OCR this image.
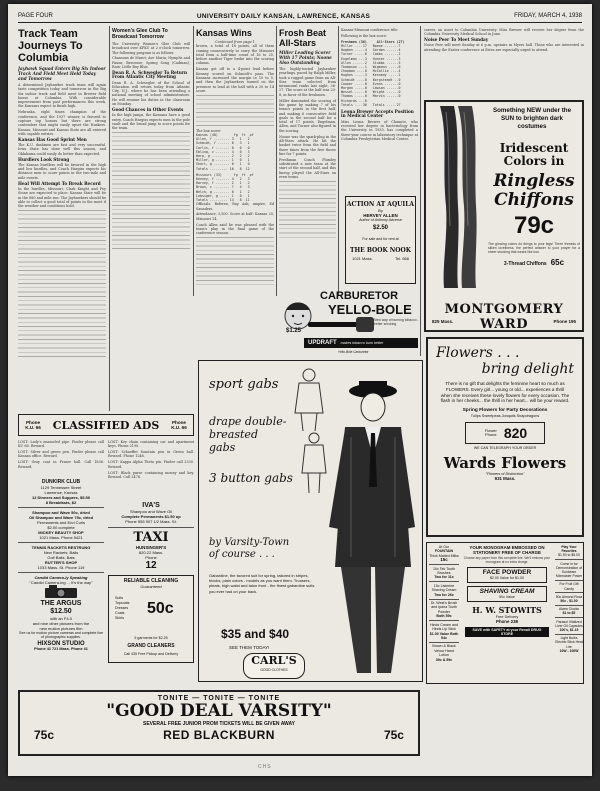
PAGE FOUR	UNIVERSITY DAILY KANSAN, LAWRENCE, KANSAS	FRIDAY, MARCH 4, 1938
Track Team Journeys To Columbia
Jayhawk Squad Enters Big Six Indoor Track And Field Meet Held Today and Tomorrow

A determined Jayhawker track team will again taste competition today and tomorrow in the Big Six indoor track and field meet in Brewer field house at Columbia. With considerable improvement from past performances this week, the Kansans expect to finish high.

Nebraska, eight times champion of the conference, and the 1937 winner, is favored to capture top honors but there are strong contenders that might easily upset the Huskers. Kansas, Missouri and Kansas State are all entered with capable entries.

Kansas Has Good Sprint Men

The K.U. dashmen are fast and very successful. Iowa State has done well this season, and Oklahoma could easily do better than expected.

Hurdlers Look Strong

The Kansas hurdlers will be favored in the high and low hurdles, and Coach Hargiss expects his distance men to score points in the two-mile and mile events.

Heal Will Attempt To Break Record

In the hurdles, Missouri, Clark Knight and Foy Stone are expected to place. Kansas State will be in the 880 and mile run. The Jayhawkers should be able to collect a good total of points in the meet if the weather and conditions hold.

Women's Glee Club To Broadcast Tomorrow

The University Women's Glee Club will broadcast over KFKU at 2 o'clock tomorrow. The following program is as follows:

Chansons de Marot; Ave Maria; Nymphs and Fauns; Berceuse; Spring Song (Cadman); Rain; Little Boy Blue.

Dean R. A. Schwegler To Return From Atlantic City Meeting

Dean R. A. Schwegler of the School of Education will return today from Atlantic City, N.J., where he has been attending a national meeting of school administrators. He will resume his duties in the classroom on Monday.

Good Chances in Other Events

In the high jumps, the Kansans have a good entry. Coach Hargiss expects men in the pole vault and the broad jump to score points for the team.

Kansas Wins
Continued from page 1

brown, a total of 18 points, all of them coming consecutively to carry the Missouri total from a half-time count of 16 to 25, before another Tiger broke into the scoring column.

Kansas got off to a 4-point lead before Kenney scored on Schmidt's pass. The Kansans increased the margin to 10 to 5, and then the Jayhawkers turned on the pressure to lead at the half with a 20 to 14 score.

The box score:
Kansas (40)        fg  ft  pf
Allen, f ........ 3   1   2
Schmidt, f ...... 6   3   1
Corlis, f ....... 0   0   0
Ebling, c ....... 4   0   3
Harp, g ......... 2   2   2
Miller, g ....... 1   0   1
Short, g ........ 0   1   0
Totals ......... 16   8  12
Missouri (33)      fg  ft  pf
Kenney, f ....... 4   2   3
Harvey, f ....... 2   1   2
Brown, c ........ 7   4   3
Welch, g ........ 0   1   2
Lobsiger, g ..... 1   0   1
Totals ......... 14   8  11

Officials: Referee, Ray Ash; umpire, Ed Saunders.

Attendance, 3,500. Score at half: Kansas 20, Missouri 14.

Coach Allen said he was pleased with the team's play in the final game of the conference season.

Frosh Beat All-Stars
Miller Leading Scorer With 17 Points; Noone Also Outstanding

The highly-touted Jayhawker yearlings, paced by Ralph Miller, took a rugged game from an All-Star team selected from intramural ranks last night, 36-27. The score at the half was 20-8, in favor of the freshmen.

Miller dominated the scoring of the game by making 7 of his team's points in the first half, and making 6 consecutive field goals in the second half for a total of 17 points. Engelman, Allen, and Turner also figured in the scoring.

Noone was the spark-plug in the All-Stars attack. He hit the basket twice from the field and three times from the free throw line for 7 points.

Freshman Coach Plumley substituted a new team at the start of the second half, and this lineup played the All-Stars on even terms.

Kansas-Missouri conference title

Following is the box score:

Freshmen (36)     All-Stars (27)
Miller ....17   Noone .......7
Hogben .....4   Gordon ......4
Turner .....6   Combs .......2
Engelman ...3   Hunter ......3
Allen ......2   Stubbs ......5
Thompson ...1   Wigmann .....0
Chapman ....0   McCallie ....4
Hughes .....3   Kennedy .....2
Schmidt ....0   Borgsteadt ..0
Cooper .....0   Evans .......0
Morgan .....0   Lawson ......0
Wessel .....0   Wright ......0
Thomas .....0   Marvin ......0
Richards ...0
Totals ....36   Totals .....27
Leona Brewer Accepts Position in Medical Center

Miss Leona Brewer of Chanute, who received her degree in bacteriology from the University in 1935, has completed a three-year course in laboratory technique at Columbia Presbyterian Medical Center.

ACTION AT AQUILA
By
HERVEY ALLEN
Author of Anthony Adverse
$2.50
For sale and for rent at
THE BOOK NOOK
1021 Mass.	Tel. 666

career, an asset to Columbia University. Miss Brewer will receive her degree from the Columbia University Medical School in June.

Noise Peer To Meet Sunday

Noise Peer will meet Sunday at 6 p.m. upstairs in Myers hall. Those who are interested in attending the Easter conference at Estes are especially urged to attend.

Something NEW under the SUN to brighten dark costumes
Iridescent
Colors in
Ringless
Chiffons
79c
The glowing colors do things to your legs! Three threads of silken loveliness, the perfect answer to your prayer for a sheer stocking that wears like iron.
3-Thread Chiffons 65c
MONTGOMERY WARD
825 Mass.	Phone 195
CARBURETOR
YELLO-BOLE
$1.25
New way of burning tobacco - better smoking
UPDRAFT makes tobacco burn better
Yello-Bole Carburetor
sport gabs
drape double-breasted gabs
3 button gabs
by Varsity-Town of course . . .
Gabardine, the favored suit for spring, tailored in stripes, blocks, plain colors - models as you want them. Trousers, pleats, high waist and talon front - the finest gabardine suits you ever had on your back.
$35 and $40
SEE THEM TODAY!
CARL'S
GOOD CLOTHES
Phone K.U. 66 CLASSIFIED ADS	Phone K.U. 66

LOST: Lady's enameled pipe. Finder please call KU 66. Reward.

LOST: Silver and green pen. Finder please call Kansan office. Reward.

LOST: Gray coat in Fraser hall. Call 1836. Reward.

LOST: Key chain containing car and apartment keys. Phone 2190.

LOST: Schaeffer fountain pen in Green hall. Reward. Phone 1248.

LOST: Kappa Alpha Theta pin. Finder call 2530. Reward.

LOST: Black purse containing money and key. Reward. Call 2478.

DUNKIRK CLUB
1129 Tennessee Street
Lawrence, Kansas
12 Dinners and Suppers, $5.50
8 Breakfasts, $2
Shampoo and Wave 50c, dried
Oil Shampoo and Wave 75c, dried
Permanents and End Curls
$2.00 complete
MICKEY BEAUTY SHOP
1021 Mass. Phone 5421
TENNIS RACKETS RESTRUNG
New Rackets, Balls
Golf Balls, Bats
RUTTER'S SHOP
1033 Mass. St. Phone 119
Candid Camera-ly Speaking
"Candid Camera-ing ... It's the way"
THE ARGUS
$12.50
with an F4.5
and nine other pictures from the
new motion pictures film
See us for motion picture cameras and complete line of photographic supplies.
HIXSON STUDIO
Phone 41 721 Mass. Phone 41
IVA'S
Shampoo and Wave Oil
Complete Permanents $1.50 up
Phone 555 907 1/2 Mass. St.
TAXI
HUNSINGER'S
820-22 Mass.
Phone
12
RELIABLE CLEANING
Guaranteed
Suits
Topcoats
Dresses
Coats
Skirts
50c
5 garments for $2.25
GRAND CLEANERS
Call 435 Free Pickup and Delivery
Flowers . . .
bring delight
There is no gift that delights the feminine heart so much as FLOWERS. Every girl... young or old... experiences a thrill when she receives these lovely flowers for every occasion. The flash in her cheeks... the thrill in her heart... will be your reward.
Spring Flowers for Party Decorations
Tulips Sweetpeas Jonquils Snapdragons
Flower Phone 820
WE CAN TELEGRAPH YOUR ORDER
Wards Flowers
"Flowers of Distinction"
931 Mass.
At Our
FOUNTAIN
Thick Malted Milks
15c
10c Tek Tooth Brushes
Two for 11c
15c Listerine Shaving Cream
Two for 26c
Dr. West's Brush and Ipana Tooth Powder
Both 59c
Hinds Cream and Hinds Lip Stick
$1.00 Value Both 54c
Brown & Black Velour Hand Lotion
39c & 59c
YOUR MONOGRAM EMBOSSED ON STATIONERY FREE OF CHARGE
Choose any paper from this complete line. We'll emboss your monogram at no extra charge.
FACE POWDER
$2.00 Value for $1.00
SHAVING CREAM
50c Value
H. W. STOWITS
Free Delivery
Phone 238
SAVE with SAFETY at your Rexall DRUG STORE
Play Your Favorites
$1.50 to $5.00
Come in for Demonstration of Sunbeam Mixmaster Power
For Fruit Gift Candy
50c Almond Roca
50c - $1.00
Alarm Clocks
$1 to $5
Parasol Vitalized Liver Oil Capsules
100's, $1.19
Light Bulbs Electric Stick Heat Lite
10W - 100W
TONITE — TONITE — TONITE
"GOOD DEAL VARSITY"
SEVERAL FREE JUNIOR PROM TICKETS WILL BE GIVEN AWAY
75c	RED BLACKBURN	75c
CHS
